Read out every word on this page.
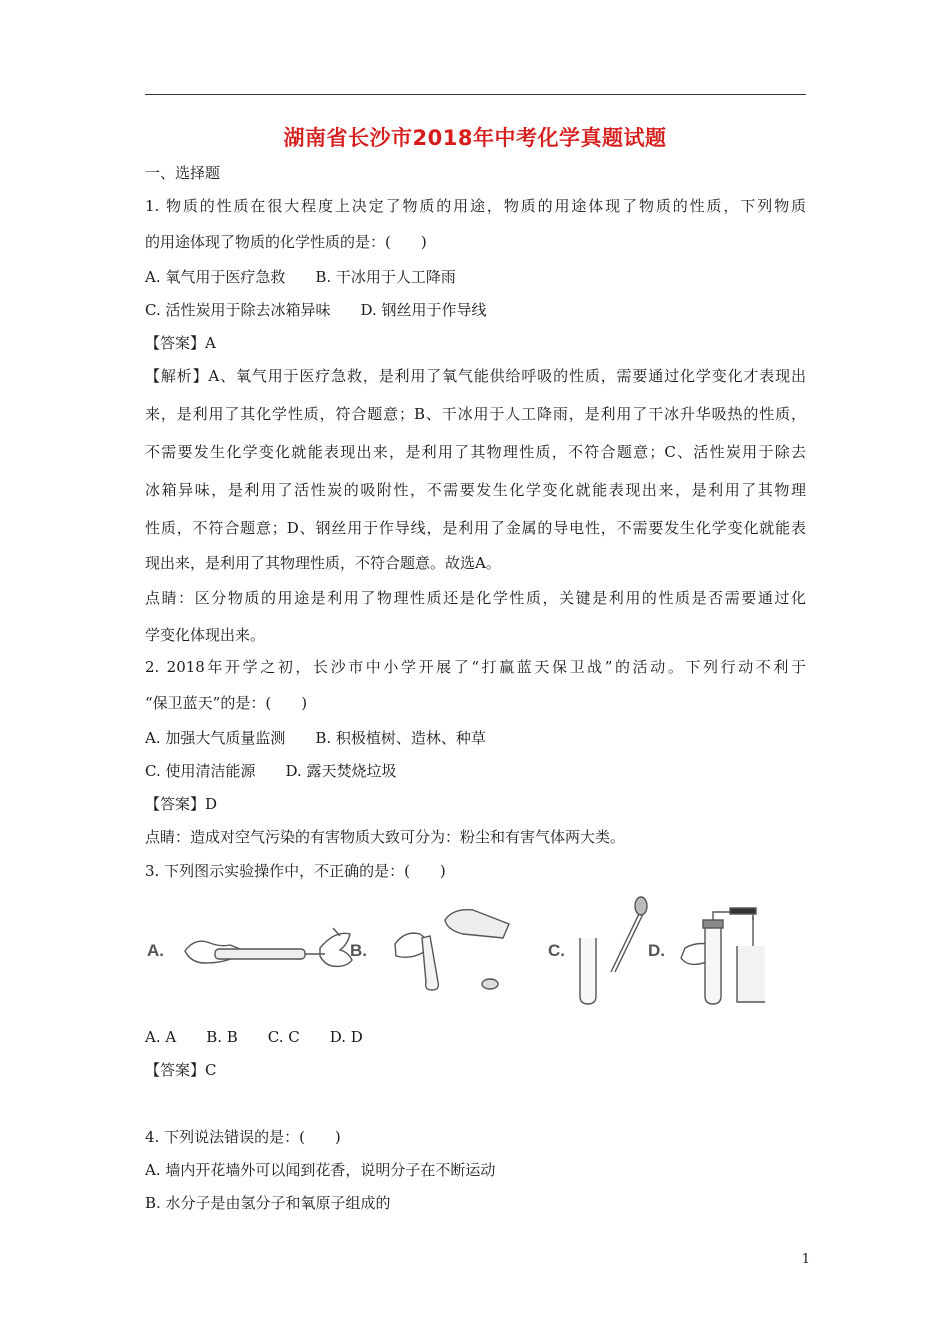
湖南省长沙市2018年中考化学真题试题
一、选择题
1. 物质的性质在很大程度上决定了物质的用途，物质的用途体现了物质的性质，下列物质
的用途体现了物质的化学性质的是：(　　)
A. 氧气用于医疗急救　　B. 干冰用于人工降雨
C. 活性炭用于除去冰箱异味　　D. 钢丝用于作导线
【答案】A
【解析】A、氧气用于医疗急救，是利用了氧气能供给呼吸的性质，需要通过化学变化才表现出
来，是利用了其化学性质，符合题意；B、干冰用于人工降雨，是利用了干冰升华吸热的性质，
不需要发生化学变化就能表现出来，是利用了其物理性质，不符合题意；C、活性炭用于除去
冰箱异味，是利用了活性炭的吸附性，不需要发生化学变化就能表现出来，是利用了其物理
性质，不符合题意；D、钢丝用于作导线，是利用了金属的导电性，不需要发生化学变化就能表
现出来，是利用了其物理性质，不符合题意。故选A。
点睛：区分物质的用途是利用了物理性质还是化学性质，关键是利用的性质是否需要通过化
学变化体现出来。
2. 2018年开学之初，长沙市中小学开展了“打赢蓝天保卫战”的活动。下列行动不利于
“保卫蓝天”的是：(　　)
A. 加强大气质量监测　　B. 积极植树、造林、种草
C. 使用清洁能源　　D. 露天焚烧垃圾
【答案】D
点睛：造成对空气污染的有害物质大致可分为：粉尘和有害气体两大类。
3. 下列图示实验操作中，不正确的是：(　　)
A.	B.	C.	D.
A. A　　B. B　　C. C　　D. D
【答案】C
4. 下列说法错误的是：(　　)
A. 墙内开花墙外可以闻到花香，说明分子在不断运动
B. 水分子是由氢分子和氧原子组成的
1
